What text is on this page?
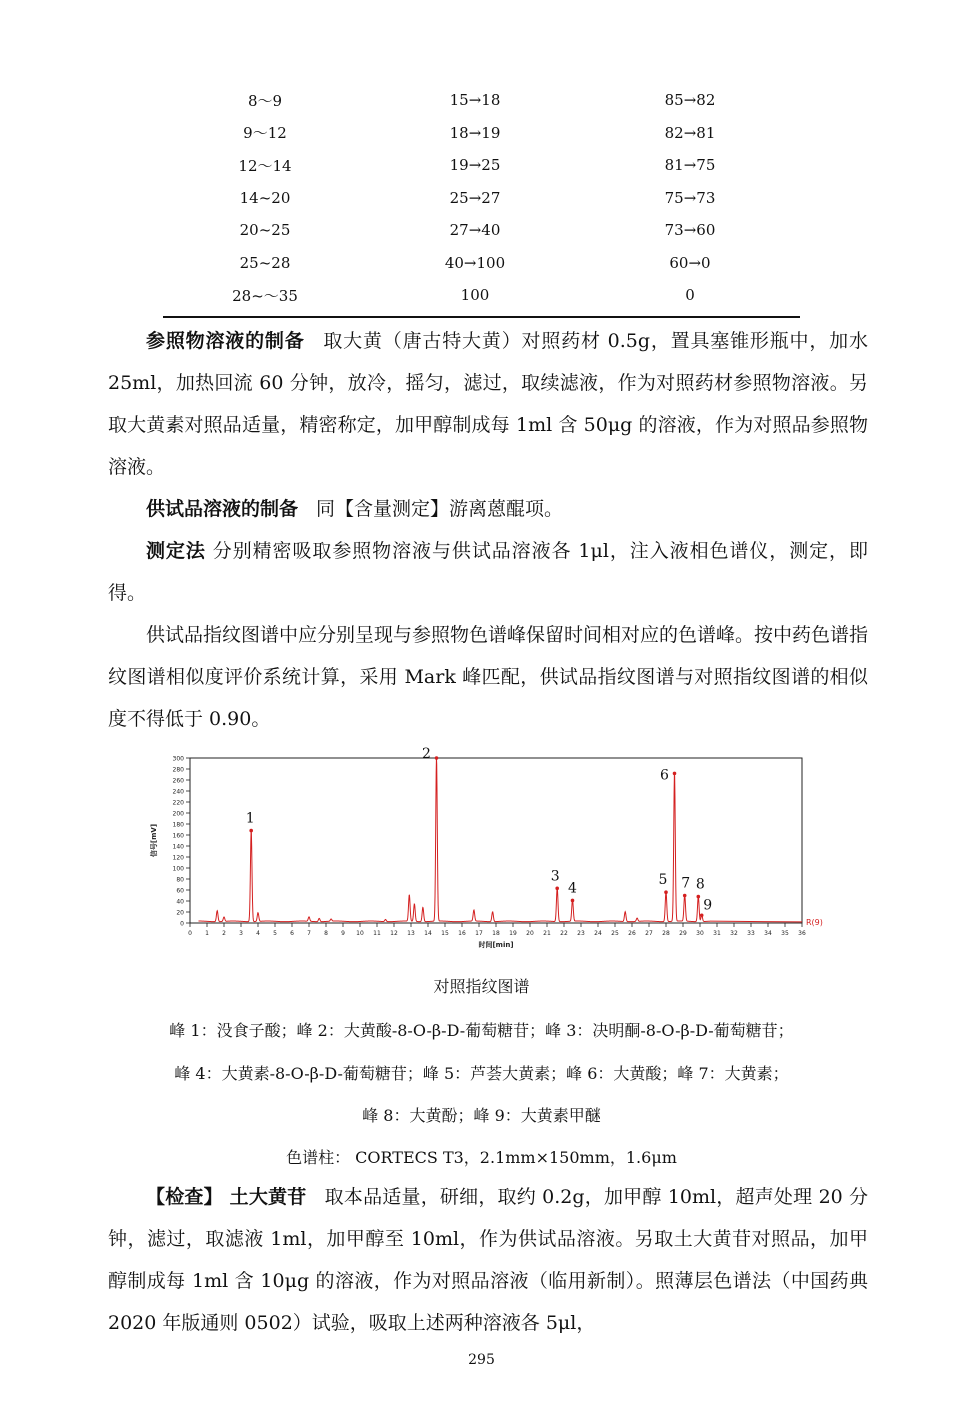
8～9	15→18	85→82
9～12	18→19	82→81
12～14	19→25	81→75
14~20	25→27	75→73
20~25	27→40	73→60
25~28	40→100	60→0
28~～35	100	0

参照物溶液的制备 取大黄（唐古特大黄）对照药材 0.5g，置具塞锥形瓶中，加水 25ml，加热回流 60 分钟，放冷，摇匀，滤过，取续滤液，作为对照药材参照物溶液。另取大黄素对照品适量，精密称定，加甲醇制成每 1ml 含 50μg 的溶液，作为对照品参照物溶液。

供试品溶液的制备 同【含量测定】游离蒽醌项。

测定法 分别精密吸取参照物溶液与供试品溶液各 1μl，注入液相色谱仪，测定，即得。

供试品指纹图谱中应分别呈现与参照物色谱峰保留时间相对应的色谱峰。按中药色谱指纹图谱相似度评价系统计算，采用 Mark 峰匹配，供试品指纹图谱与对照指纹图谱的相似度不得低于 0.90。

0
20
40
60
80
100
120
140
160
180
200
220
240
260
280
300
0 1 2 3 4 5 6 7 8 9 10 11 12 13 14 15 16 17 18 19 20 21 22 23 24 25 26 27 28 29 30 31 32 33 34 35 36
时间[min]
信号[mV]
R(9)
1
2
3
4
5
6
7 8
9
对照指纹图谱
峰 1：没食子酸；峰 2：大黄酸-8-O-β-D-葡萄糖苷；峰 3：决明酮-8-O-β-D-葡萄糖苷；
峰 4：大黄素-8-O-β-D-葡萄糖苷；峰 5：芦荟大黄素；峰 6：大黄酸；峰 7：大黄素；
峰 8：大黄酚；峰 9：大黄素甲醚
色谱柱： CORTECS T3，2.1mm×150mm，1.6μm

【检查】 土大黄苷 取本品适量，研细，取约 0.2g，加甲醇 10ml，超声处理 20 分钟，滤过，取滤液 1ml，加甲醇至 10ml，作为供试品溶液。另取土大黄苷对照品，加甲醇制成每 1ml 含 10μg 的溶液，作为对照品溶液（临用新制）。照薄层色谱法（中国药典 2020 年版通则 0502）试验，吸取上述两种溶液各 5μl，

295
